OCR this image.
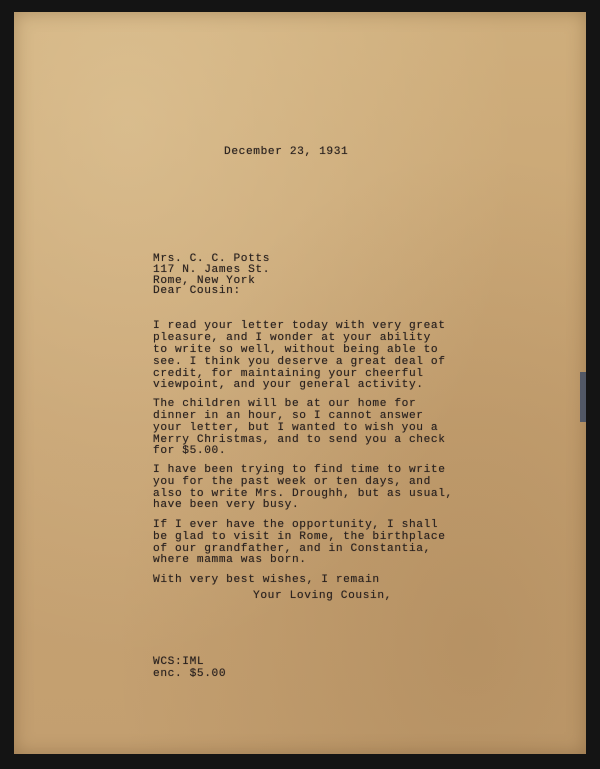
December 23, 1931

Mrs. C. C. Potts

117 N. James St.

Rome, New York

Dear Cousin:

I read your letter today with very great

pleasure, and I wonder at your ability

to write so well, without being able to

see. I think you deserve a great deal of

credit, for maintaining your cheerful

viewpoint, and your general activity.

The children will be at our home for

dinner in an hour, so I cannot answer

your letter, but I wanted to wish you a

Merry Christmas, and to send you a check

for $5.00.

I have been trying to find time to write

you for the past week or ten days, and

also to write Mrs. Droughh, but as usual,

have been very busy.

If I ever have the opportunity, I shall

be glad to visit in Rome, the birthplace

of our grandfather, and in Constantia,

where mamma was born.

With very best wishes, I remain

Your Loving Cousin,

WCS:IML

enc. $5.00
